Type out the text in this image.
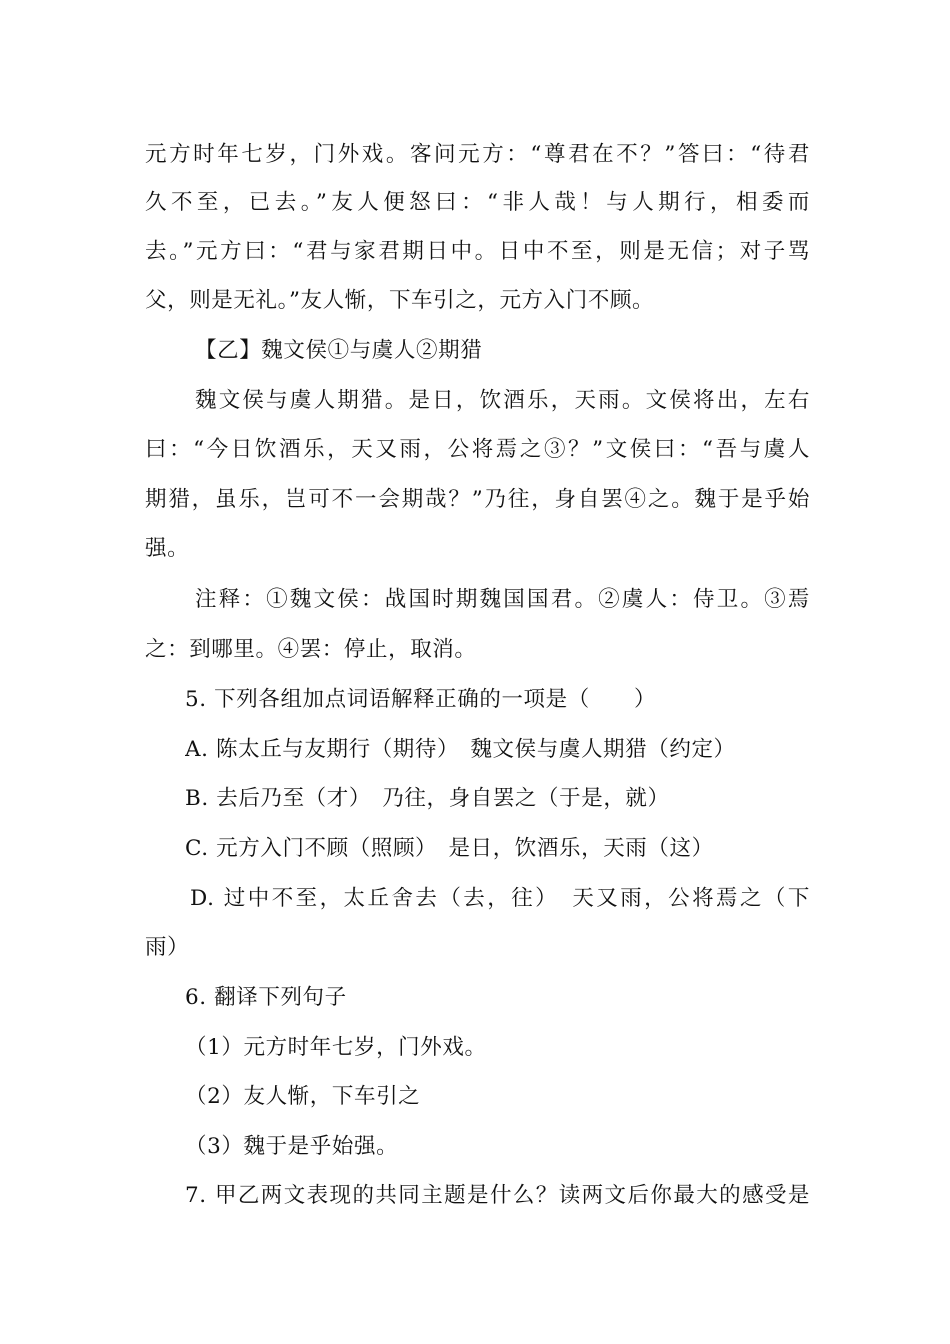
元方时年七岁，门外戏。客问元方：“尊君在不？”答曰：“待君
久不至，已去。”友人便怒曰：“非人哉！与人期行，相委而
去。”元方曰：“君与家君期日中。日中不至，则是无信；对子骂
父，则是无礼。”友人惭，下车引之，元方入门不顾。
【乙】魏文侯①与虞人②期猎
魏文侯与虞人期猎。是日，饮酒乐，天雨。文侯将出，左右
曰：“今日饮酒乐，天又雨，公将焉之③？”文侯曰：“吾与虞人
期猎，虽乐，岂可不一会期哉？”乃往，身自罢④之。魏于是乎始
强。
注释：①魏文侯：战国时期魏国国君。②虞人：侍卫。③焉
之：到哪里。④罢：停止，取消。
5. 下列各组加点词语解释正确的一项是（　　）
A. 陈太丘与友期行（期待）　魏文侯与虞人期猎（约定）
B. 去后乃至（才）　乃往，身自罢之（于是，就）
C. 元方入门不顾（照顾）　是日，饮酒乐，天雨（这）
D. 过中不至，太丘舍去（去，往）　天又雨，公将焉之（下
雨）
6. 翻译下列句子
（1）元方时年七岁，门外戏。
（2）友人惭，下车引之
（3）魏于是乎始强。
7. 甲乙两文表现的共同主题是什么？读两文后你最大的感受是
